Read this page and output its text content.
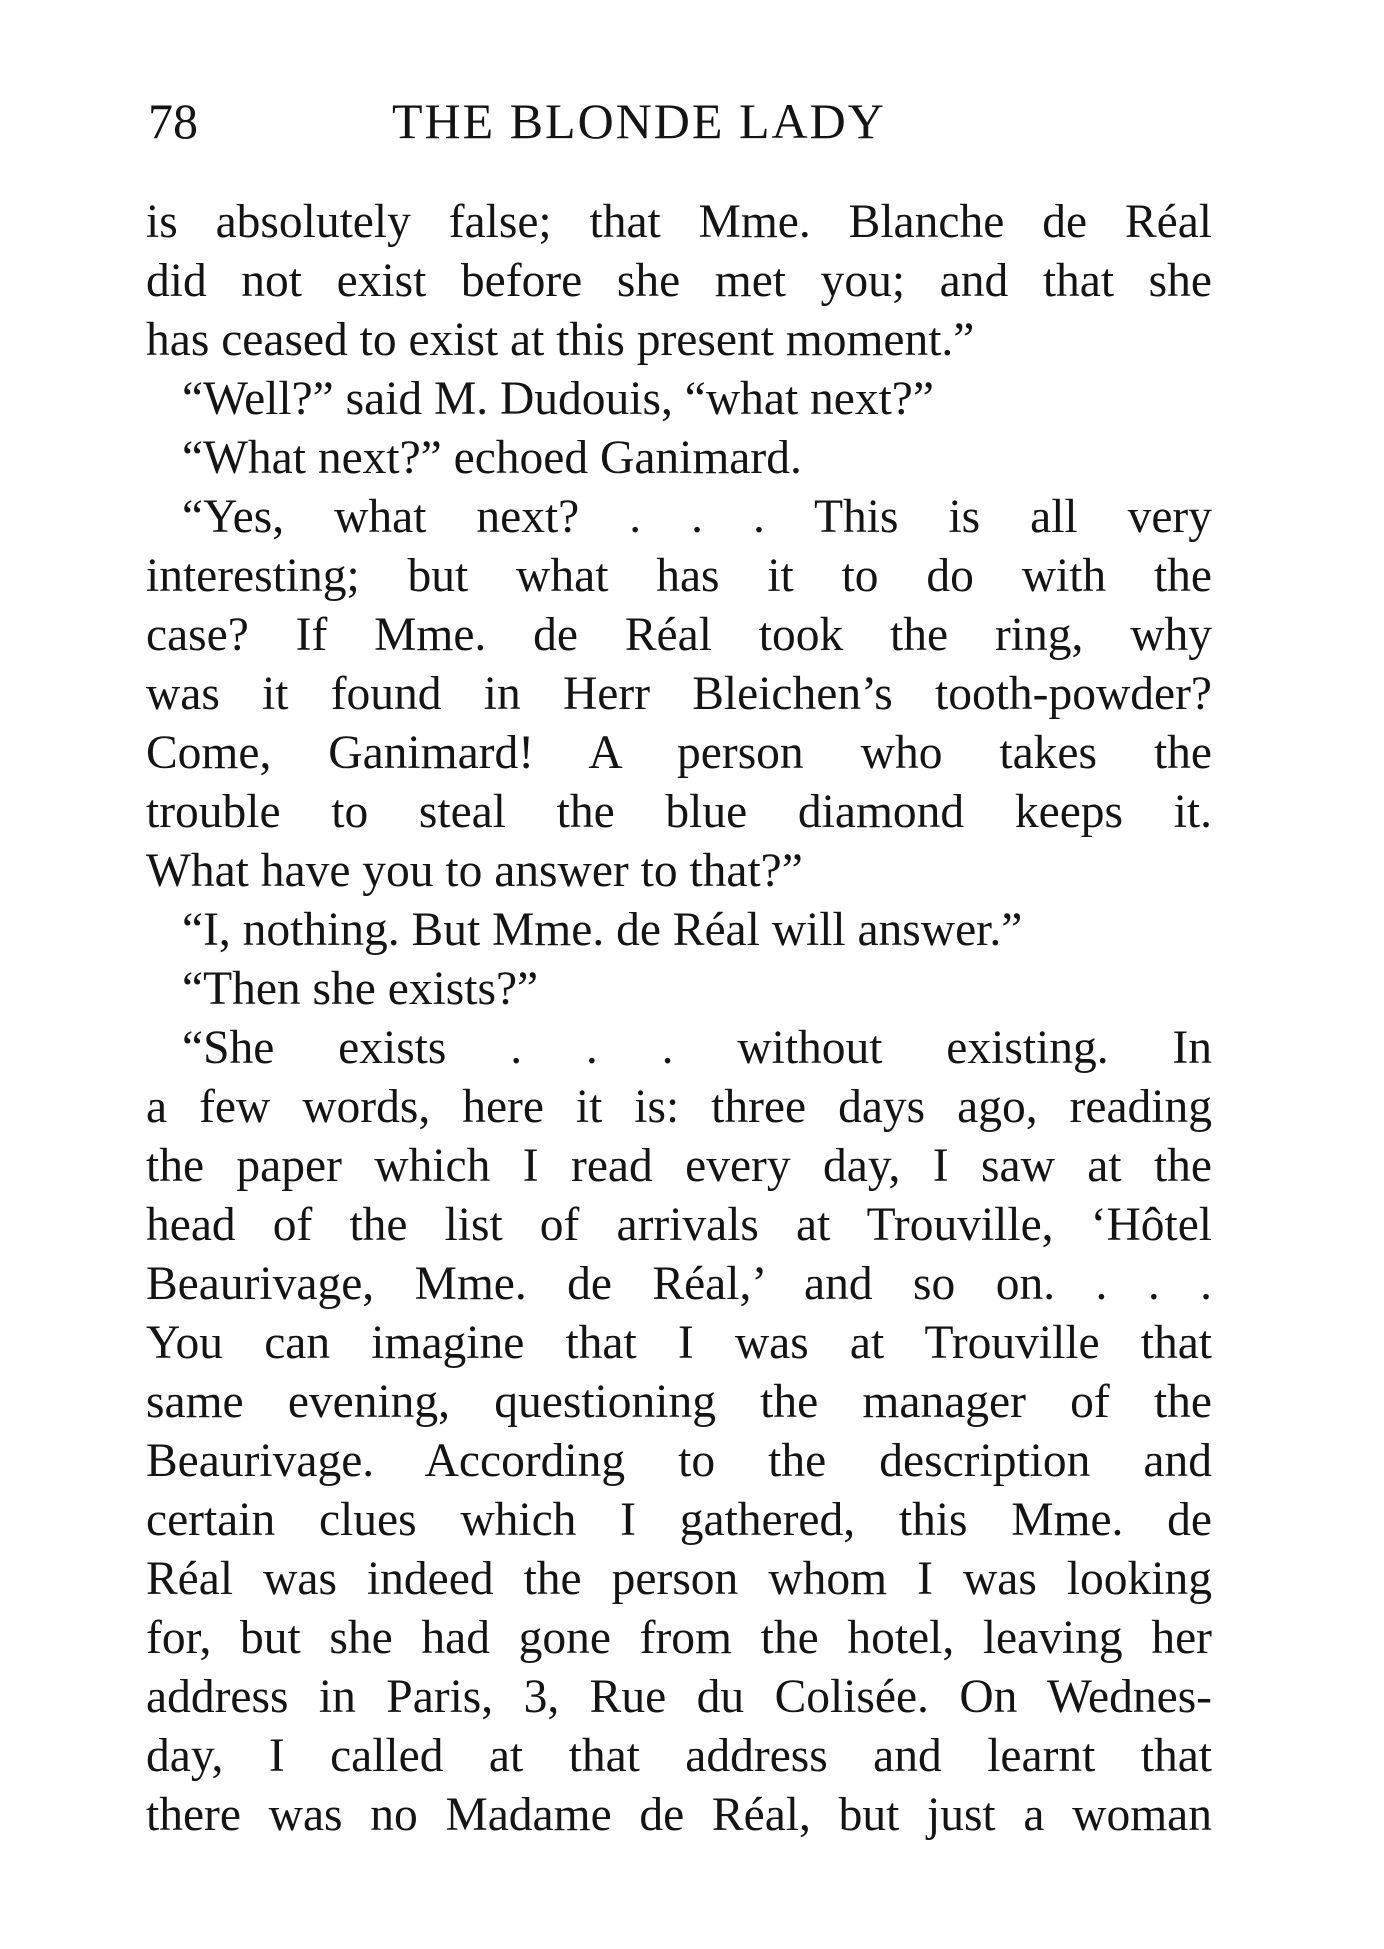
78	THE BLONDE LADY
is absolutely false; that Mme. Blanche de Réal
did not exist before she met you; and that she
has ceased to exist at this present moment.”
“Well?” said M. Dudouis, “what next?”
“What next?” echoed Ganimard.
“Yes, what next? . . . This is all very
interesting; but what has it to do with the
case? If Mme. de Réal took the ring, why
was it found in Herr Bleichen’s tooth-powder?
Come, Ganimard! A person who takes the
trouble to steal the blue diamond keeps it.
What have you to answer to that?”
“I, nothing. But Mme. de Réal will answer.”
“Then she exists?”
“She exists . . . without existing. In
a few words, here it is: three days ago, reading
the paper which I read every day, I saw at the
head of the list of arrivals at Trouville, ‘Hôtel
Beaurivage, Mme. de Réal,’ and so on. . . .
You can imagine that I was at Trouville that
same evening, questioning the manager of the
Beaurivage. According to the description and
certain clues which I gathered, this Mme. de
Réal was indeed the person whom I was looking
for, but she had gone from the hotel, leaving her
address in Paris, 3, Rue du Colisée. On Wednes-
day, I called at that address and learnt that
there was no Madame de Réal, but just a woman
